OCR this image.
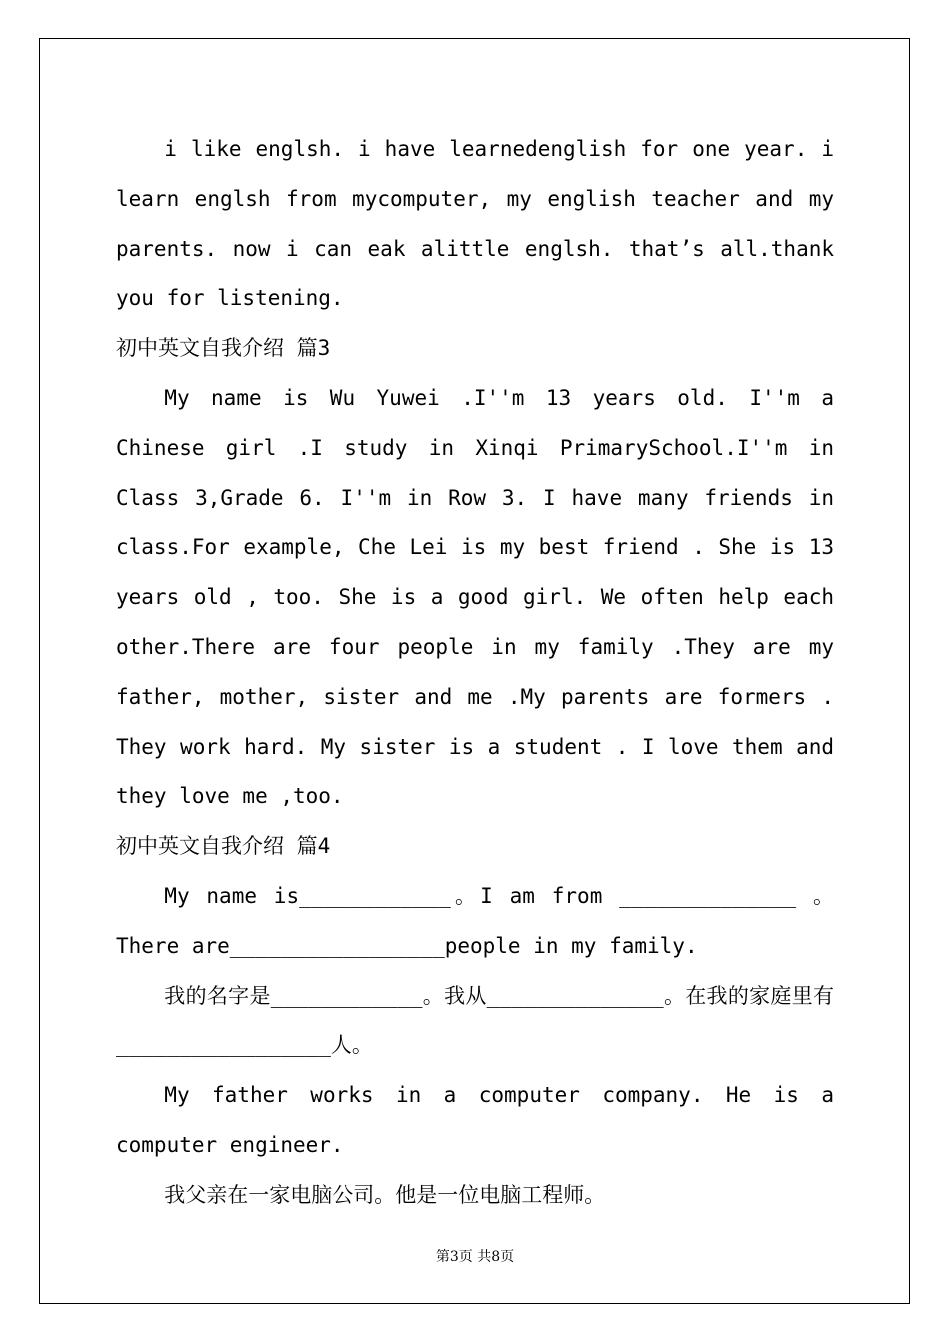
i like englsh. i have learnedenglish for one year. i learn englsh from mycomputer, my english teacher and my parents. now i can eak alittle englsh. that’s all.thank you for listening.

初中英文自我介绍 篇3

My name is Wu Yuwei .I''m 13 years old. I''m a Chinese girl .I study in Xinqi PrimarySchool.I''m in Class 3,Grade 6. I''m in Row 3. I have many friends in class.For example, Che Lei is my best friend . She is 13 years old , too. She is a good girl. We often help each other.There are four people in my family .They are my father, mother, sister and me .My parents are formers . They work hard. My sister is a student . I love them and they love me ,too.

初中英文自我介绍 篇4

My name is____________。I am from ______________ 。There are_________________people in my family.

我的名字是____________。我从______________。在我的家庭里有_________________人。

My father works in a computer company. He is a computer engineer.

我父亲在一家电脑公司。他是一位电脑工程师。

第3页 共8页
